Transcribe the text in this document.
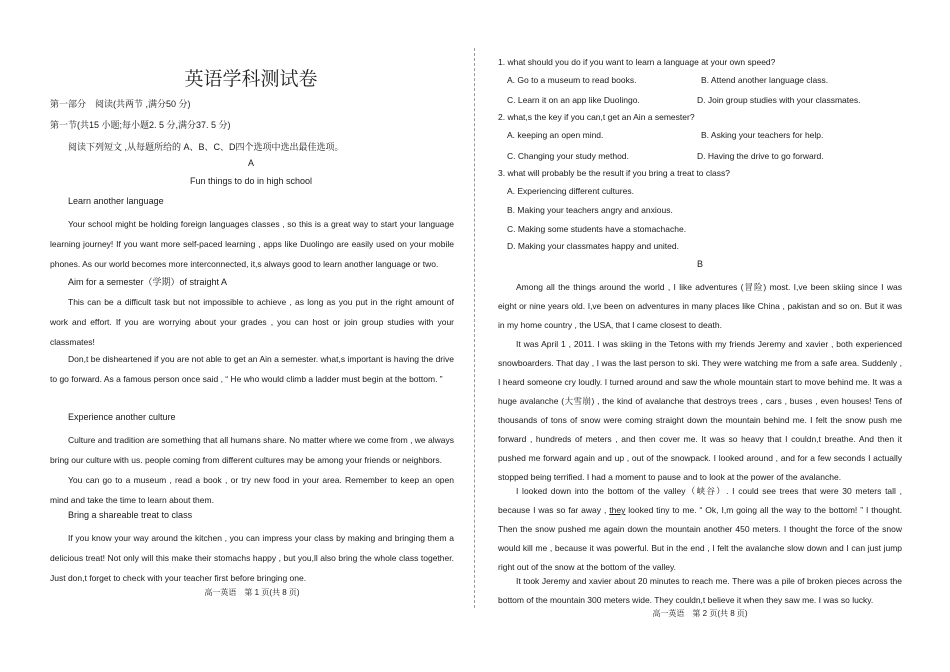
英语学科测试卷
第一部分　阅读(共两节 ,满分50 分)
第一节(共15 小题;每小题2. 5 分,满分37. 5 分)
阅读下列短文 ,从每题所给的 A、B、C、D四个选项中选出最佳选项。
A
Fun things to do in high school
Learn another language
Your school might be holding foreign languages classes , so this is a great way to start your language learning journey! If you want more self-paced learning , apps like Duolingo are easily used on your mobile phones. As our world becomes more interconnected, it,s always good to learn another language or two.
Aim for a semester（学期）of straight A
This can be a difficult task but not impossible to achieve , as long as you put in the right amount of work and effort. If you are worrying about your grades , you can host or join group studies with your classmates!
Don,t be disheartened if you are not able to get an Ain a semester. what,s important is having the drive to go forward. As a famous person once said , “ He who would climb a ladder must begin at the bottom. ”
Experience another culture
Culture and tradition are something that all humans share. No matter where we come from , we always bring our culture with us. people coming from different cultures may be among your friends or neighbors.
You can go to a museum , read a book , or try new food in your area. Remember to keep an open mind and take the time to learn about them.
Bring a shareable treat to class
If you know your way around the kitchen , you can impress your class by making and bringing them a delicious treat! Not only will this make their stomachs happy , but you,ll also bring the whole class together. Just don,t forget to check with your teacher first before bringing one.
高一英语　第 1 页(共 8 页)
1. what should you do if you want to learn a language at your own speed?
A. Go to a museum to read books.	B. Attend another language class.
C. Learn it on an app like Duolingo.	D. Join group studies with your classmates.
2. what,s the key if you can,t get an Ain a semester?
A. keeping an open mind.	B. Asking your teachers for help.
C. Changing your study method.	D. Having the drive to go forward.
3. what will probably be the result if you bring a treat to class?
A. Experiencing different cultures.
B. Making your teachers angry and anxious.
C. Making some students have a stomachache.
D. Making your classmates happy and united.
B
Among all the things around the world , I like adventures (冒险) most. I,ve been skiing since I was eight or nine years old. I,ve been on adventures in many places like China , pakistan and so on. But it was in my home country , the USA, that I came closest to death.
It was April 1 , 2011. I was skiing in the Tetons with my friends Jeremy and xavier , both experienced snowboarders. That day , I was the last person to ski. They were watching me from a safe area. Suddenly , I heard someone cry loudly. I turned around and saw the whole mountain start to move behind me. It was a huge avalanche (大雪崩) , the kind of avalanche that destroys trees , cars , buses , even houses! Tens of thousands of tons of snow were coming straight down the mountain behind me. I felt the snow push me forward , hundreds of meters , and then cover me. It was so heavy that I couldn,t breathe. And then it pushed me forward again and up , out of the snowpack. I looked around , and for a few seconds I actually stopped being terrified. I had a moment to pause and to look at the power of the avalanche.
I looked down into the bottom of the valley（峡谷）. I could see trees that were 30 meters tall , because I was so far away , they looked tiny to me. “ Ok, I,m going all the way to the bottom! ” I thought. Then the snow pushed me again down the mountain another 450 meters. I thought the force of the snow would kill me , because it was powerful. But in the end , I felt the avalanche slow down and I can just jump right out of the snow at the bottom of the valley.
It took Jeremy and xavier about 20 minutes to reach me. There was a pile of broken pieces across the bottom of the mountain 300 meters wide. They couldn,t believe it when they saw me. I was so lucky.
高一英语　第 2 页(共 8 页)
